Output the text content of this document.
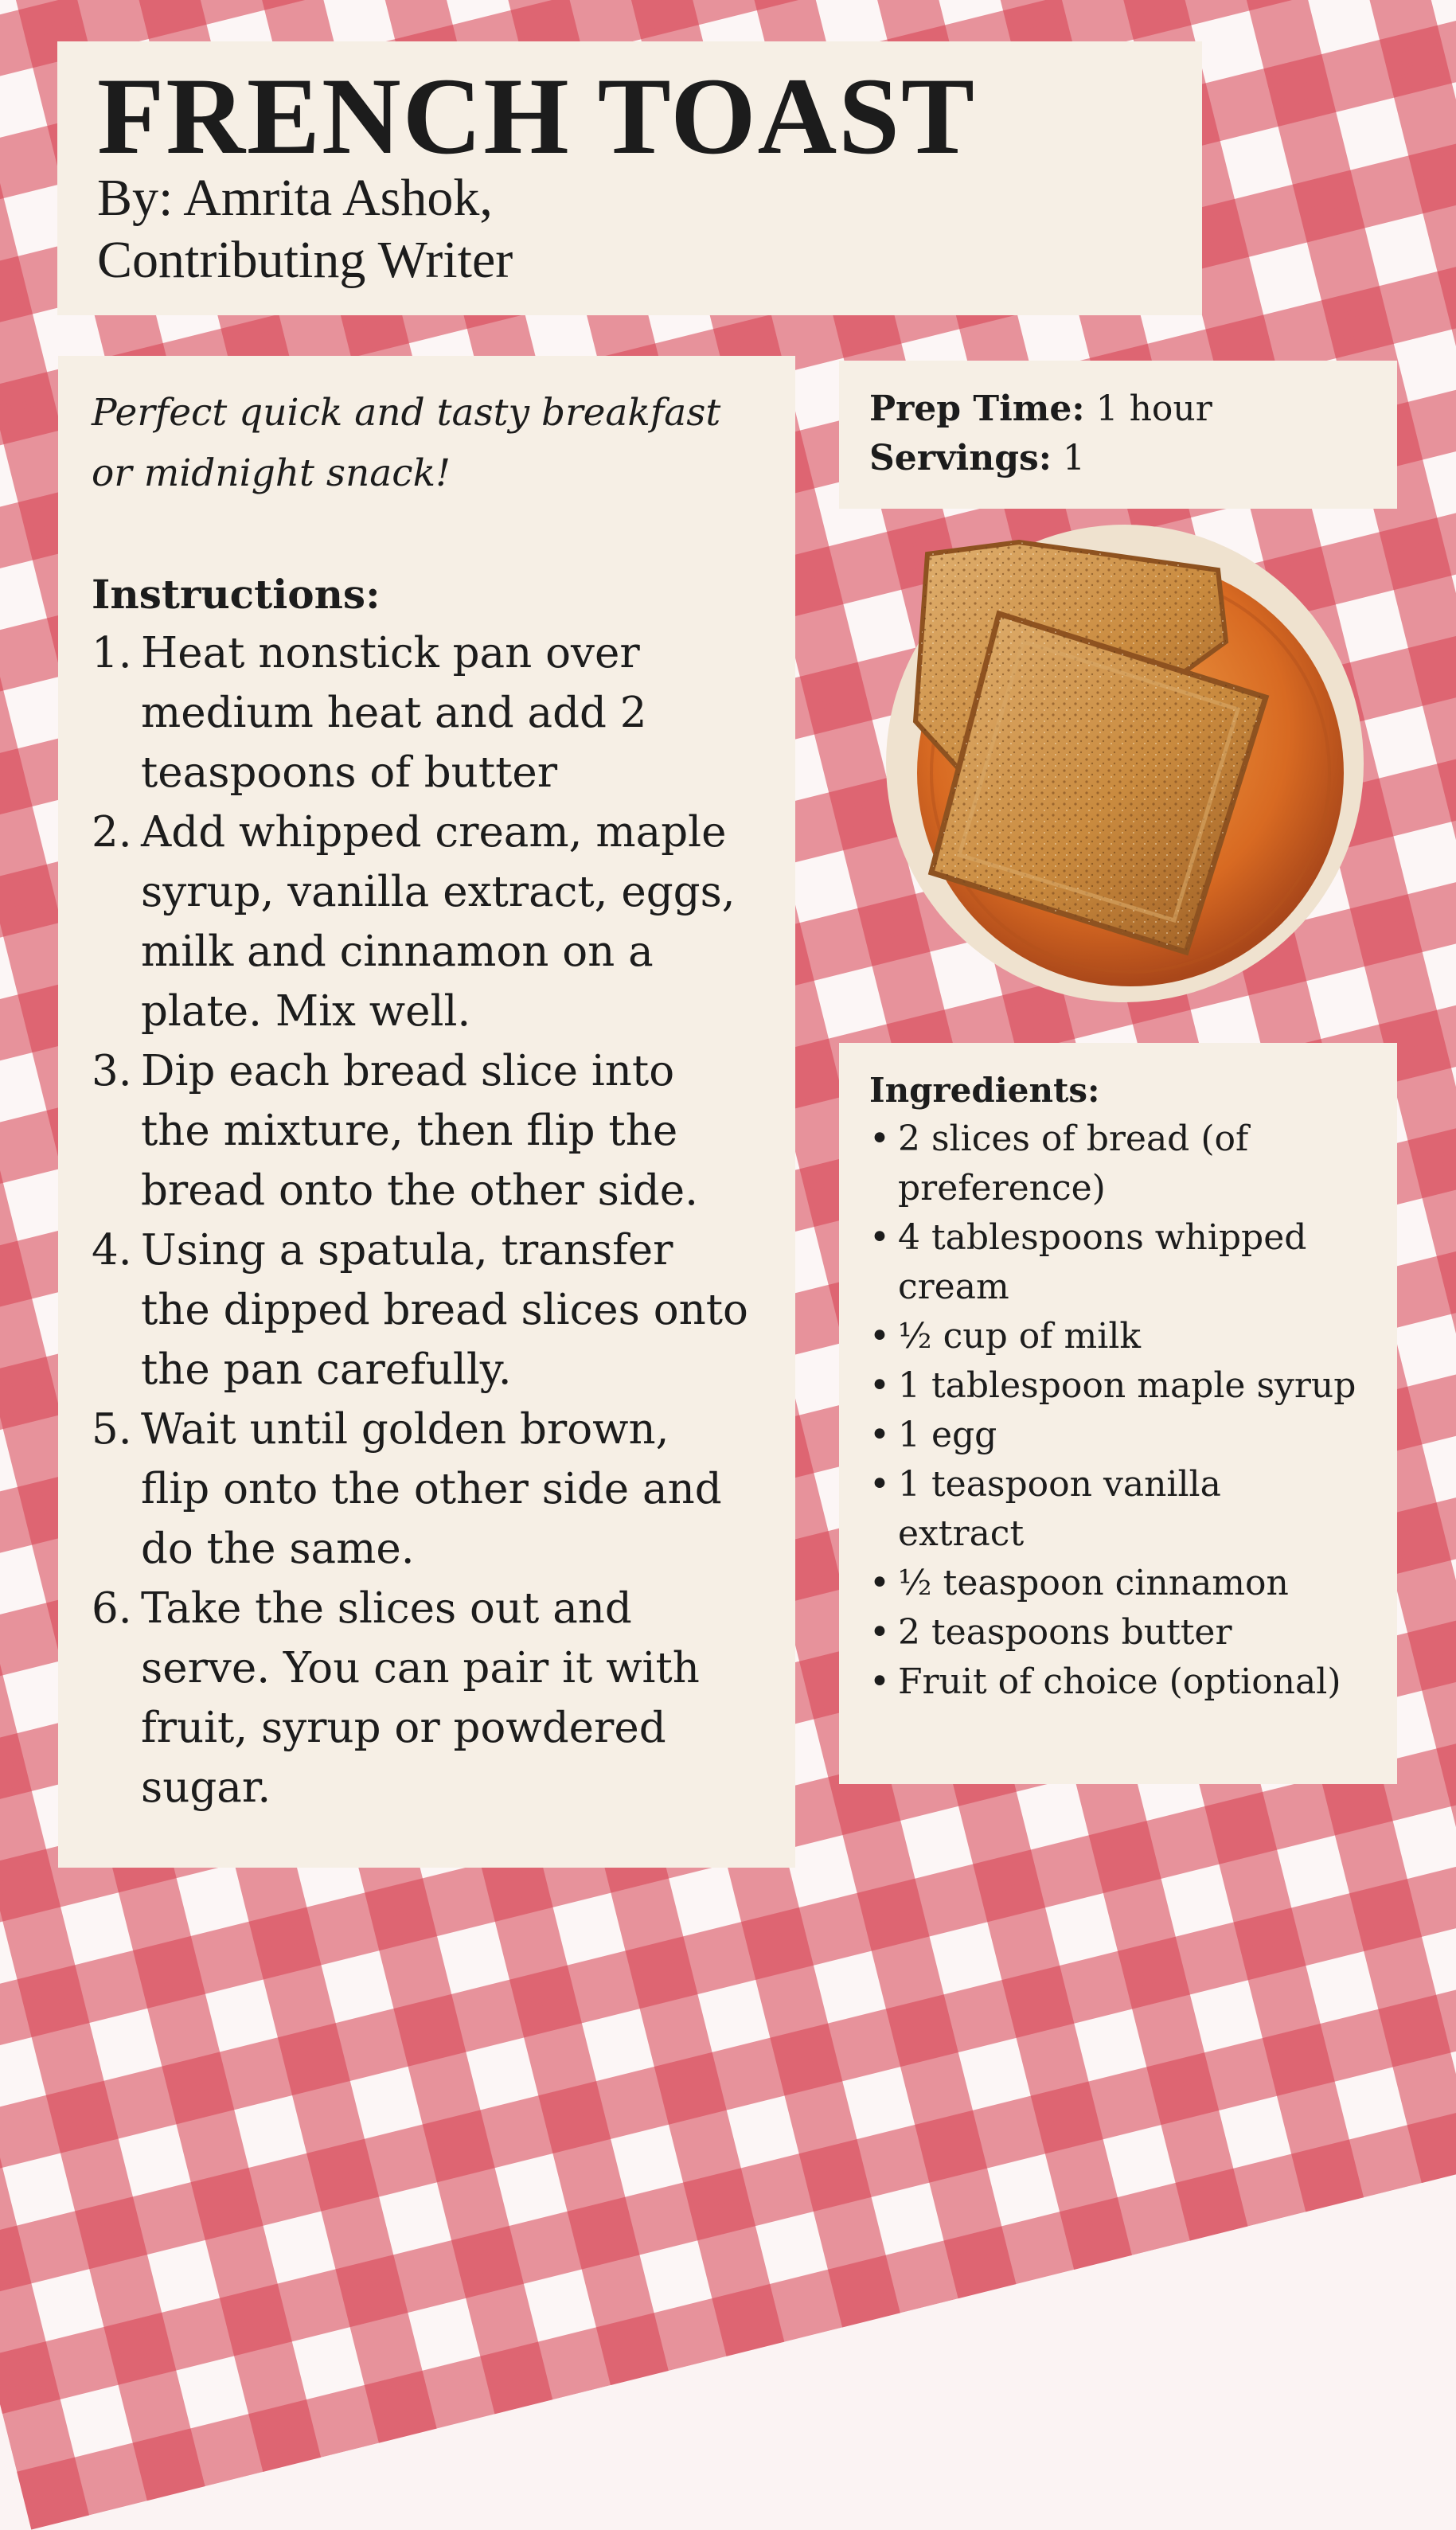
FRENCH TOAST
By: Amrita Ashok,
Contributing Writer

Perfect quick and tasty breakfast
or midnight snack!

Instructions:
1. Heat nonstick pan over
medium heat and add 2
teaspoons of butter
2. Add whipped cream, maple
syrup, vanilla extract, eggs,
milk and cinnamon on a
plate. Mix well.
3. Dip each bread slice into
the mixture, then flip the
bread onto the other side.
4. Using a spatula, transfer
the dipped bread slices onto
the pan carefully.
5. Wait until golden brown,
flip onto the other side and
do the same.
6. Take the slices out and
serve. You can pair it with
fruit, syrup or powdered
sugar.
Prep Time: 1 hour
Servings: 1
Ingredients:
• 2 slices of bread (of
preference)
• 4 tablespoons whipped
cream
• ½ cup of milk
• 1 tablespoon maple syrup
• 1 egg
• 1 teaspoon vanilla
extract
• ½ teaspoon cinnamon
• 2 teaspoons butter
• Fruit of choice (optional)
